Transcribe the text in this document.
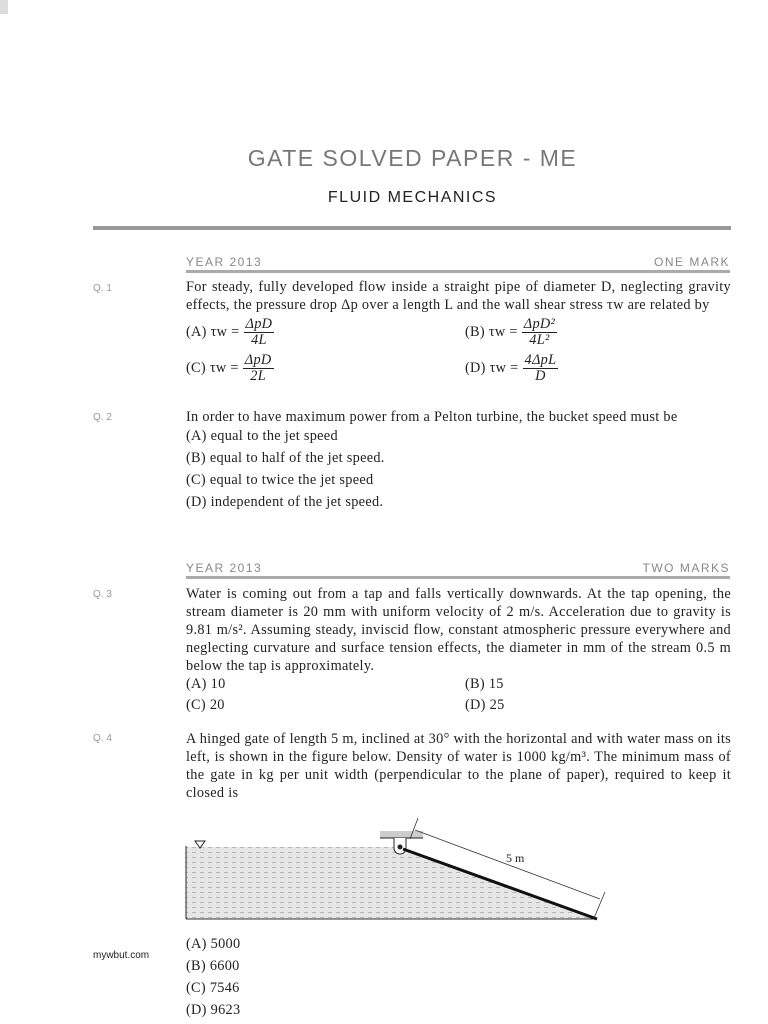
GATE SOLVED PAPER - ME
FLUID MECHANICS
YEAR 2013	ONE MARK
Q. 1	For steady, fully developed flow inside a straight pipe of diameter D, neglecting gravity effects, the pressure drop Δp over a length L and the wall shear stress τw are related by
(A) $\tau w = \frac{\text{ΔpD}}{4L}$	(B) $\tau w = \frac{\text{ΔpD²}}{\text{4L²}}$
(C) $\tau w = \frac{\text{ΔpD}}{2L}$	(D) $\tau w = \frac{\text{4ΔpL}}{D}$
Q. 2	In order to have maximum power from a Pelton turbine, the bucket speed must be
(A) equal to the jet speed
(B) equal to half of the jet speed.
(C) equal to twice the jet speed
(D) independent of the jet speed.
YEAR 2013	TWO MARKS
Q. 3	Water is coming out from a tap and falls vertically downwards. At the tap opening, the stream diameter is 20 mm with uniform velocity of 2 m/s. Acceleration due to gravity is 9.81 m/s². Assuming steady, inviscid flow, constant atmospheric pressure everywhere and neglecting curvature and surface tension effects, the diameter in mm of the stream 0.5 m below the tap is approximately.
(A) 10	(B) 15
(C) 20	(D) 25
Q. 4	A hinged gate of length 5 m, inclined at 30° with the horizontal and with water mass on its left, is shown in the figure below. Density of water is 1000 kg/m³. The minimum mass of the gate in kg per unit width (perpendicular to the plane of paper), required to keep it closed is
5 m
(A) 5000
(B) 6600
(C) 7546
(D) 9623
mywbut.com
